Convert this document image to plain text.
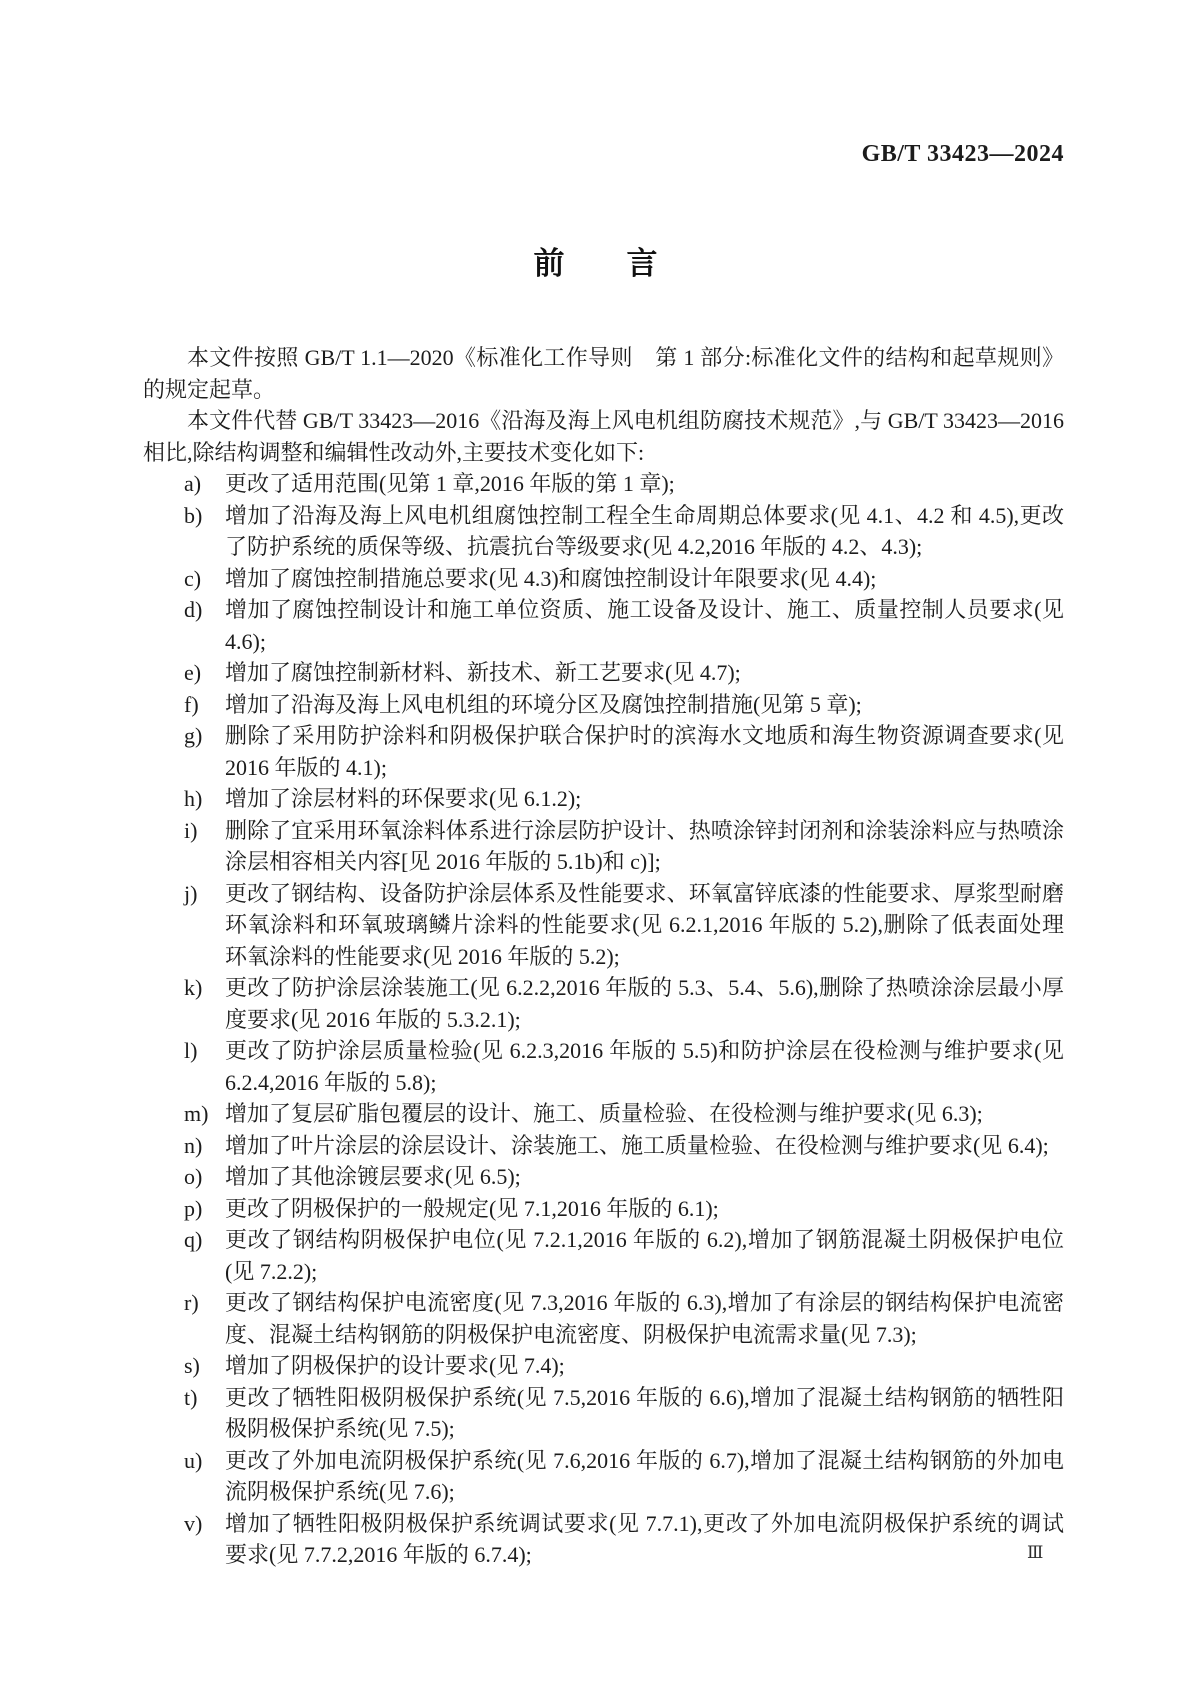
GB/T 33423—2024
前　　言

本文件按照 GB/T 1.1—2020《标准化工作导则　第 1 部分:标准化文件的结构和起草规则》的规定起草。

本文件代替 GB/T 33423—2016《沿海及海上风电机组防腐技术规范》,与 GB/T 33423—2016 相比,除结构调整和编辑性改动外,主要技术变化如下:

a) 更改了适用范围(见第 1 章,2016 年版的第 1 章);
b) 增加了沿海及海上风电机组腐蚀控制工程全生命周期总体要求(见 4.1、4.2 和 4.5),更改了防护系统的质保等级、抗震抗台等级要求(见 4.2,2016 年版的 4.2、4.3);
c) 增加了腐蚀控制措施总要求(见 4.3)和腐蚀控制设计年限要求(见 4.4);
d) 增加了腐蚀控制设计和施工单位资质、施工设备及设计、施工、质量控制人员要求(见 4.6);
e) 增加了腐蚀控制新材料、新技术、新工艺要求(见 4.7);
f) 增加了沿海及海上风电机组的环境分区及腐蚀控制措施(见第 5 章);
g) 删除了采用防护涂料和阴极保护联合保护时的滨海水文地质和海生物资源调查要求(见 2016 年版的 4.1);
h) 增加了涂层材料的环保要求(见 6.1.2);
i) 删除了宜采用环氧涂料体系进行涂层防护设计、热喷涂锌封闭剂和涂装涂料应与热喷涂涂层相容相关内容[见 2016 年版的 5.1b)和 c)];
j) 更改了钢结构、设备防护涂层体系及性能要求、环氧富锌底漆的性能要求、厚浆型耐磨环氧涂料和环氧玻璃鳞片涂料的性能要求(见 6.2.1,2016 年版的 5.2),删除了低表面处理环氧涂料的性能要求(见 2016 年版的 5.2);
k) 更改了防护涂层涂装施工(见 6.2.2,2016 年版的 5.3、5.4、5.6),删除了热喷涂涂层最小厚度要求(见 2016 年版的 5.3.2.1);
l) 更改了防护涂层质量检验(见 6.2.3,2016 年版的 5.5)和防护涂层在役检测与维护要求(见 6.2.4,2016 年版的 5.8);
m) 增加了复层矿脂包覆层的设计、施工、质量检验、在役检测与维护要求(见 6.3);
n) 增加了叶片涂层的涂层设计、涂装施工、施工质量检验、在役检测与维护要求(见 6.4);
o) 增加了其他涂镀层要求(见 6.5);
p) 更改了阴极保护的一般规定(见 7.1,2016 年版的 6.1);
q) 更改了钢结构阴极保护电位(见 7.2.1,2016 年版的 6.2),增加了钢筋混凝土阴极保护电位(见 7.2.2);
r) 更改了钢结构保护电流密度(见 7.3,2016 年版的 6.3),增加了有涂层的钢结构保护电流密度、混凝土结构钢筋的阴极保护电流密度、阴极保护电流需求量(见 7.3);
s) 增加了阴极保护的设计要求(见 7.4);
t) 更改了牺牲阳极阴极保护系统(见 7.5,2016 年版的 6.6),增加了混凝土结构钢筋的牺牲阳极阴极保护系统(见 7.5);
u) 更改了外加电流阴极保护系统(见 7.6,2016 年版的 6.7),增加了混凝土结构钢筋的外加电流阴极保护系统(见 7.6);
v) 增加了牺牲阳极阴极保护系统调试要求(见 7.7.1),更改了外加电流阴极保护系统的调试要求(见 7.7.2,2016 年版的 6.7.4);	Ⅲ
